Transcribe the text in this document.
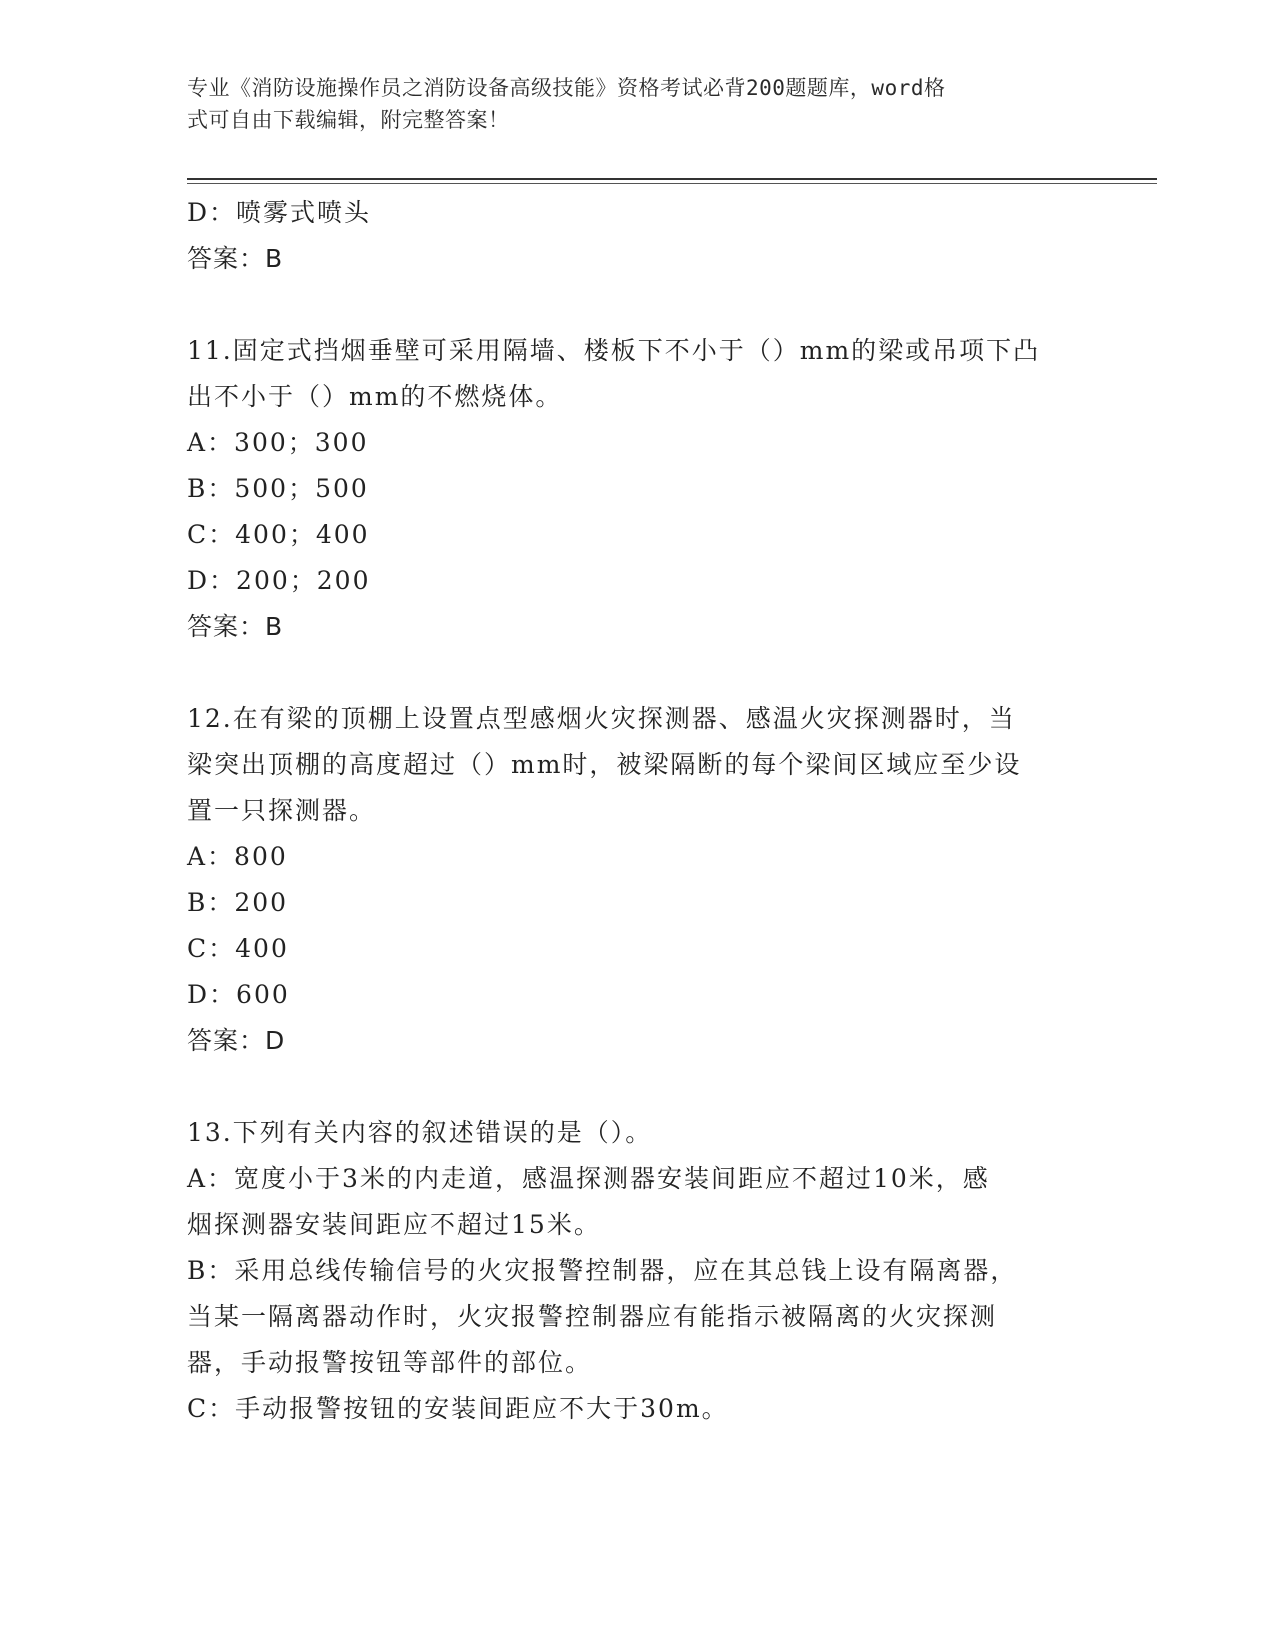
专业《消防设施操作员之消防设备高级技能》资格考试必背200题题库，word格
式可自由下载编辑，附完整答案！
D：喷雾式喷头
答案：B
11.固定式挡烟垂壁可采用隔墙、楼板下不小于（）mm的梁或吊项下凸
出不小于（）mm的不燃烧体。
A：300；300
B：500；500
C：400；400
D：200；200
答案：B
12.在有梁的顶棚上设置点型感烟火灾探测器、感温火灾探测器时，当
梁突出顶棚的高度超过（）mm时，被梁隔断的每个梁间区域应至少设
置一只探测器。
A：800
B：200
C：400
D：600
答案：D
13.下列有关内容的叙述错误的是（）。
A：宽度小于3米的内走道，感温探测器安装间距应不超过10米，感
烟探测器安装间距应不超过15米。
B：采用总线传输信号的火灾报警控制器，应在其总钱上设有隔离器，
当某一隔离器动作时，火灾报警控制器应有能指示被隔离的火灾探测
器，手动报警按钮等部件的部位。
C：手动报警按钮的安装间距应不大于30m。
